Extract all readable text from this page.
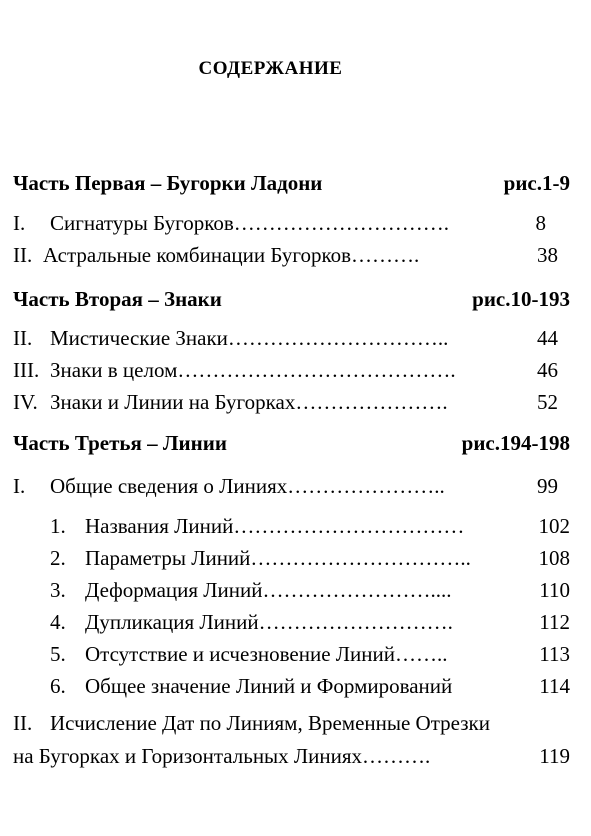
СОДЕРЖАНИЕ
Часть Первая – Бугорки Ладони	рис.1-9
I. Сигнатуры Бугорков………………………….	8
II. Астральные комбинации Бугорков……….	38
Часть Вторая – Знаки	рис.10-193
II. Мистические Знаки…………………………..	44
III. Знаки в целом………………………………….	46
IV. Знаки и Линии на Бугорках………………….	52
Часть Третья – Линии	рис.194-198
I. Общие сведения о Линиях…………………..	99
1. Названия Линий……………………………	102
2. Параметры Линий…………………………..	108
3. Деформация Линий……………………....	110
4. Дупликация Линий……………………….	112
5. Отсутствие и исчезновение Линий……..	113
6. Общее значение Линий и Формирований	114
II. Исчисление Дат по Линиям, Временные Отрезки
на Бугорках и Горизонтальных Линиях……….	119
